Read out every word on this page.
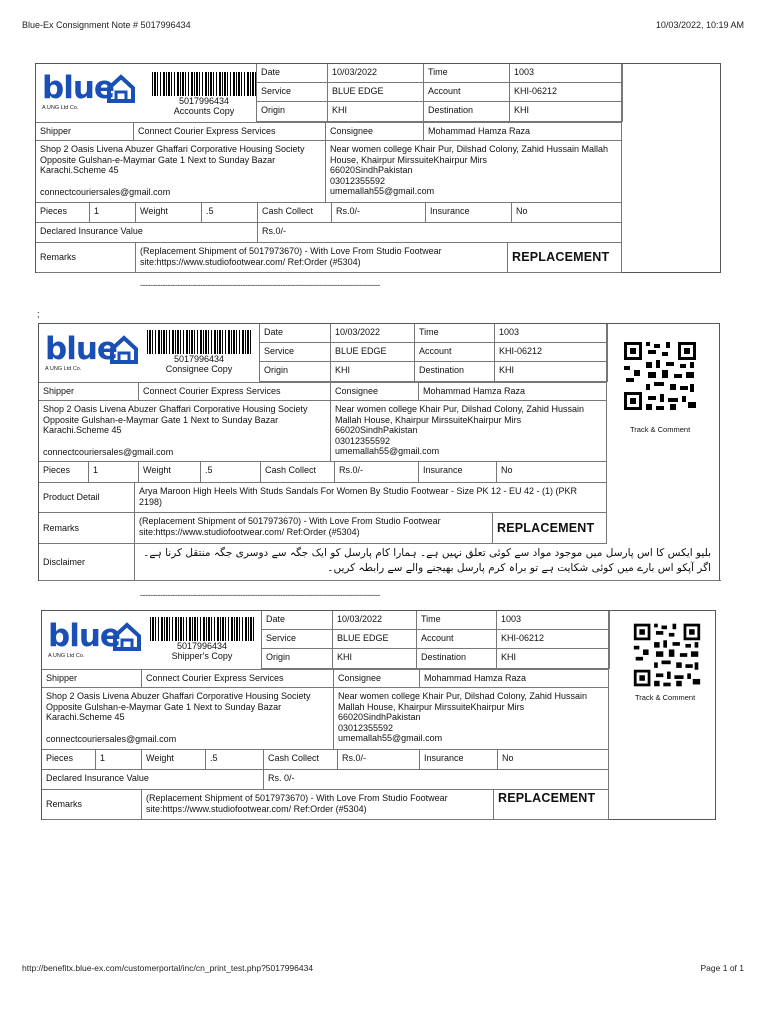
Blue-Ex Consignment Note # 5017996434	10/03/2022, 10:19 AM
blue
A UNG Ltd Co.
5017996434
Accounts Copy
Date	10/03/2022	Time	1003
Service	BLUE EDGE	Account	KHI-06212
Origin	KHI	Destination	KHI
Shipper	Connect Courier Express Services	Consignee	Mohammad Hamza Raza
Shop 2 Oasis Livena Abuzer Ghaffari Corporative Housing Society Opposite Gulshan-e-Maymar Gate 1 Next to Sunday Bazar Karachi.Scheme 45
connectcouriersales@gmail.com
Near women college Khair Pur, Dilshad Colony, Zahid Hussain Mallah House, Khairpur MirssuiteKhairpur Mirs
66020SindhPakistan
03012355592
umemallah55@gmail.com
Pieces	1	Weight	.5	Cash Collect	Rs.0/-	Insurance	No
Declared Insurance Value	Rs.0/-
Remarks
(Replacement Shipment of 5017973670) - With Love From Studio Footwear site:https://www.studiofootwear.com/ Ref:Order (#5304)	REPLACEMENT
------------------------------------------------------------------------------------------------
;
blue
A UNG Ltd Co.
5017996434
Consignee Copy
Date	10/03/2022	Time	1003
Service	BLUE EDGE	Account	KHI-06212
Origin	KHI	Destination	KHI
Track & Comment
Shipper	Connect Courier Express Services	Consignee	Mohammad Hamza Raza
Shop 2 Oasis Livena Abuzer Ghaffari Corporative Housing Society Opposite Gulshan-e-Maymar Gate 1 Next to Sunday Bazar Karachi.Scheme 45
connectcouriersales@gmail.com
Near women college Khair Pur, Dilshad Colony, Zahid Hussain Mallah House, Khairpur MirssuiteKhairpur Mirs
66020SindhPakistan
03012355592
umemallah55@gmail.com
Pieces	1	Weight	.5	Cash Collect	Rs.0/-	Insurance	No
Product Detail
Arya Maroon High Heels With Studs Sandals For Women By Studio Footwear - Size PK 12 - EU 42 - (1) (PKR 2198)
Remarks
(Replacement Shipment of 5017973670) - With Love From Studio Footwear site:https://www.studiofootwear.com/ Ref:Order (#5304)	REPLACEMENT
Disclaimer
بلیو ایکس کا اس پارسل میں موجود مواد سے کوئی تعلق نہیں ہے۔ ہمارا کام پارسل کو ایک جگہ سے دوسری جگہ منتقل کرنا ہے۔ اگر آپکو اس بارے میں کوئی شکایت ہے تو براہ کرم پارسل بھیجنے والے سے رابطہ کریں۔
------------------------------------------------------------------------------------------------
blue
A UNG Ltd Co.
5017996434
Shipper's Copy
Date	10/03/2022	Time	1003
Service	BLUE EDGE	Account	KHI-06212
Origin	KHI	Destination	KHI
Track & Comment
Shipper	Connect Courier Express Services	Consignee	Mohammad Hamza Raza
Shop 2 Oasis Livena Abuzer Ghaffari Corporative Housing Society Opposite Gulshan-e-Maymar Gate 1 Next to Sunday Bazar Karachi.Scheme 45
connectcouriersales@gmail.com
Near women college Khair Pur, Dilshad Colony, Zahid Hussain Mallah House, Khairpur MirssuiteKhairpur Mirs
66020SindhPakistan
03012355592
umemallah55@gmail.com
Pieces	1	Weight	.5	Cash Collect	Rs.0/-	Insurance	No
Declared Insurance Value	Rs. 0/-
Remarks
(Replacement Shipment of 5017973670) - With Love From Studio Footwear site:https://www.studiofootwear.com/ Ref:Order (#5304)
REPLACEMENT
http://benefitx.blue-ex.com/customerportal/inc/cn_print_test.php?5017996434	Page 1 of 1
